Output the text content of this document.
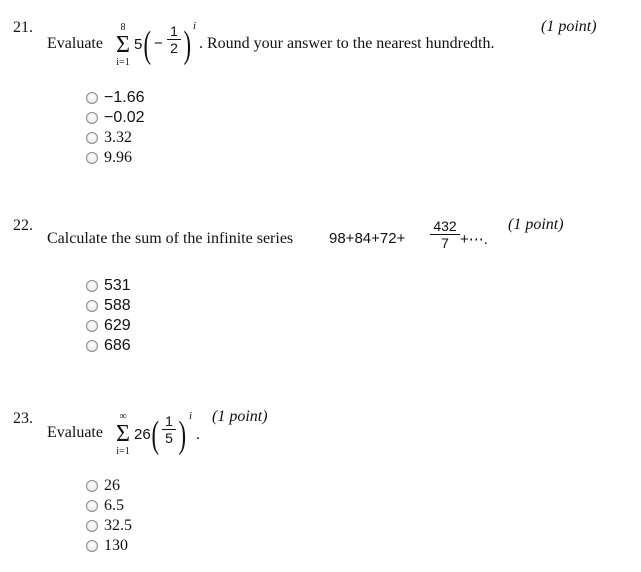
21.	(1 point)
Evaluate
8
Σ
i=1
5 ( − $\frac{1}{2}$ ) i
. Round your answer to the nearest hundredth.
−1.66
−0.02
3.32
9.96
22.	(1 point)
Calculate the sum of the infinite series $98+84+72+ \frac{432}{7}$ +⋯.
531
588
629
686
23.	(1 point)
Evaluate
∞
Σ
i=1
26 ( $\frac{1}{5}$ ) i
.
26
6.5
32.5
130
